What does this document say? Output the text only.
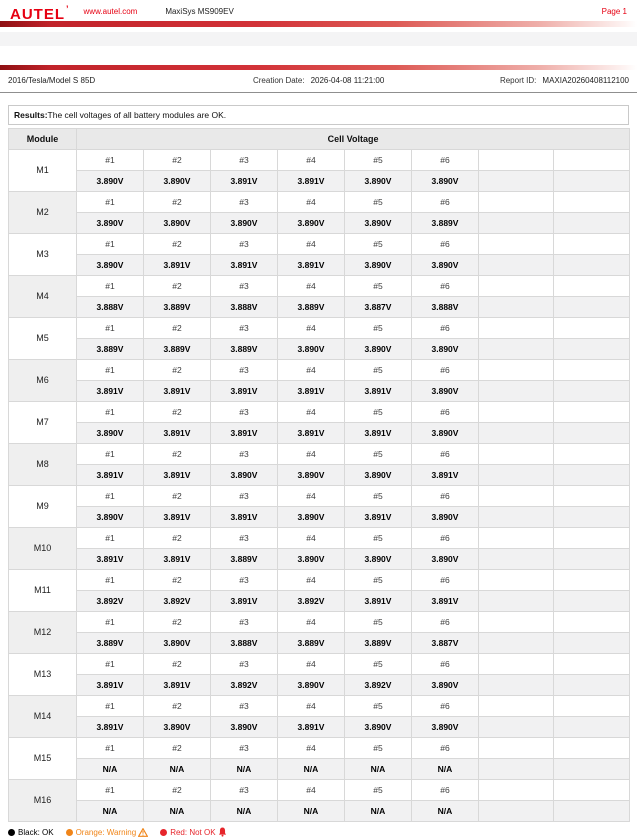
AUTEL’ www.autel.com	MaxiSys MS909EV	Page 1
2016/Tesla/Model S 85D	Creation Date: 2026-04-08 11:21:00	Report ID: MAXIA20260408112100
Results:The cell voltages of all battery modules are OK.
Module	Cell Voltage							
M1	#1	#2	#3	#4	#5	#6		
	3.890V	3.890V	3.891V	3.891V	3.890V	3.890V		
M2	#1	#2	#3	#4	#5	#6		
	3.890V	3.890V	3.890V	3.890V	3.890V	3.889V		
M3	#1	#2	#3	#4	#5	#6		
	3.890V	3.891V	3.891V	3.891V	3.890V	3.890V		
M4	#1	#2	#3	#4	#5	#6		
	3.888V	3.889V	3.888V	3.889V	3.887V	3.888V		
M5	#1	#2	#3	#4	#5	#6		
	3.889V	3.889V	3.889V	3.890V	3.890V	3.890V		
M6	#1	#2	#3	#4	#5	#6		
	3.891V	3.891V	3.891V	3.891V	3.891V	3.890V		
M7	#1	#2	#3	#4	#5	#6		
	3.890V	3.891V	3.891V	3.891V	3.891V	3.890V		
M8	#1	#2	#3	#4	#5	#6		
	3.891V	3.891V	3.890V	3.890V	3.890V	3.891V		
M9	#1	#2	#3	#4	#5	#6		
	3.890V	3.891V	3.891V	3.890V	3.891V	3.890V		
M10	#1	#2	#3	#4	#5	#6		
	3.891V	3.891V	3.889V	3.890V	3.890V	3.890V		
M11	#1	#2	#3	#4	#5	#6		
	3.892V	3.892V	3.891V	3.892V	3.891V	3.891V		
M12	#1	#2	#3	#4	#5	#6		
	3.889V	3.890V	3.888V	3.889V	3.889V	3.887V		
M13	#1	#2	#3	#4	#5	#6		
	3.891V	3.891V	3.892V	3.890V	3.892V	3.890V		
M14	#1	#2	#3	#4	#5	#6		
	3.891V	3.890V	3.890V	3.891V	3.890V	3.890V		
M15	#1	#2	#3	#4	#5	#6		
	N/A	N/A	N/A	N/A	N/A	N/A		
M16	#1	#2	#3	#4	#5	#6		
	N/A	N/A	N/A	N/A	N/A	N/A		
Black: OK	Orange: Warning	Red: Not OK
